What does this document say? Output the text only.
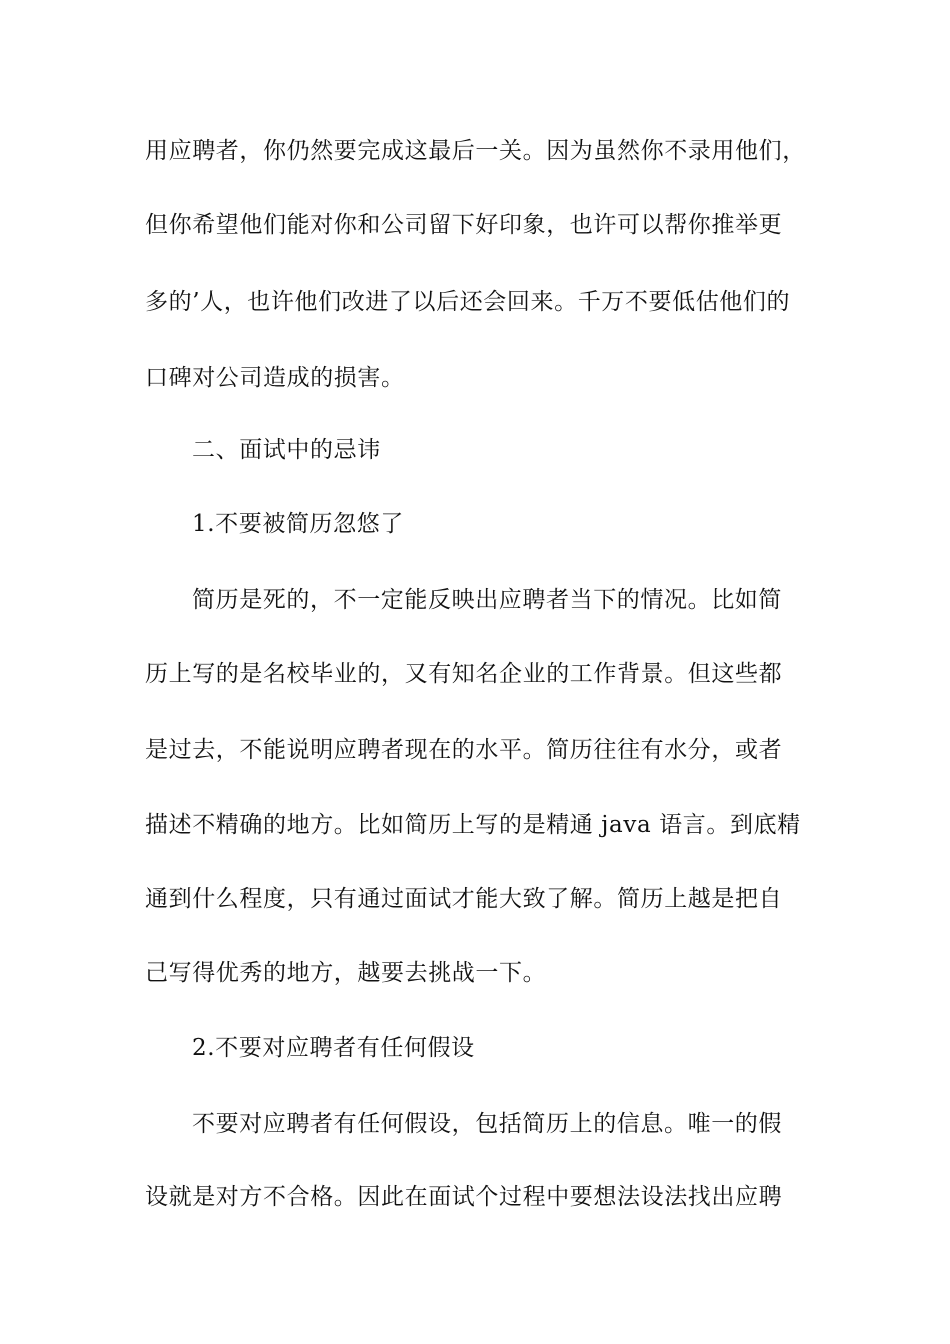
用应聘者，你仍然要完成这最后一关。因为虽然你不录用他们，

但你希望他们能对你和公司留下好印象，也许可以帮你推举更

多的’人，也许他们改进了以后还会回来。千万不要低估他们的

口碑对公司造成的损害。

二、面试中的忌讳

1.不要被简历忽悠了

简历是死的，不一定能反映出应聘者当下的情况。比如简

历上写的是名校毕业的，又有知名企业的工作背景。但这些都

是过去，不能说明应聘者现在的水平。简历往往有水分，或者

描述不精确的地方。比如简历上写的是精通 java 语言。到底精

通到什么程度，只有通过面试才能大致了解。简历上越是把自

己写得优秀的地方，越要去挑战一下。

2.不要对应聘者有任何假设

不要对应聘者有任何假设，包括简历上的信息。唯一的假

设就是对方不合格。因此在面试个过程中要想法设法找出应聘
